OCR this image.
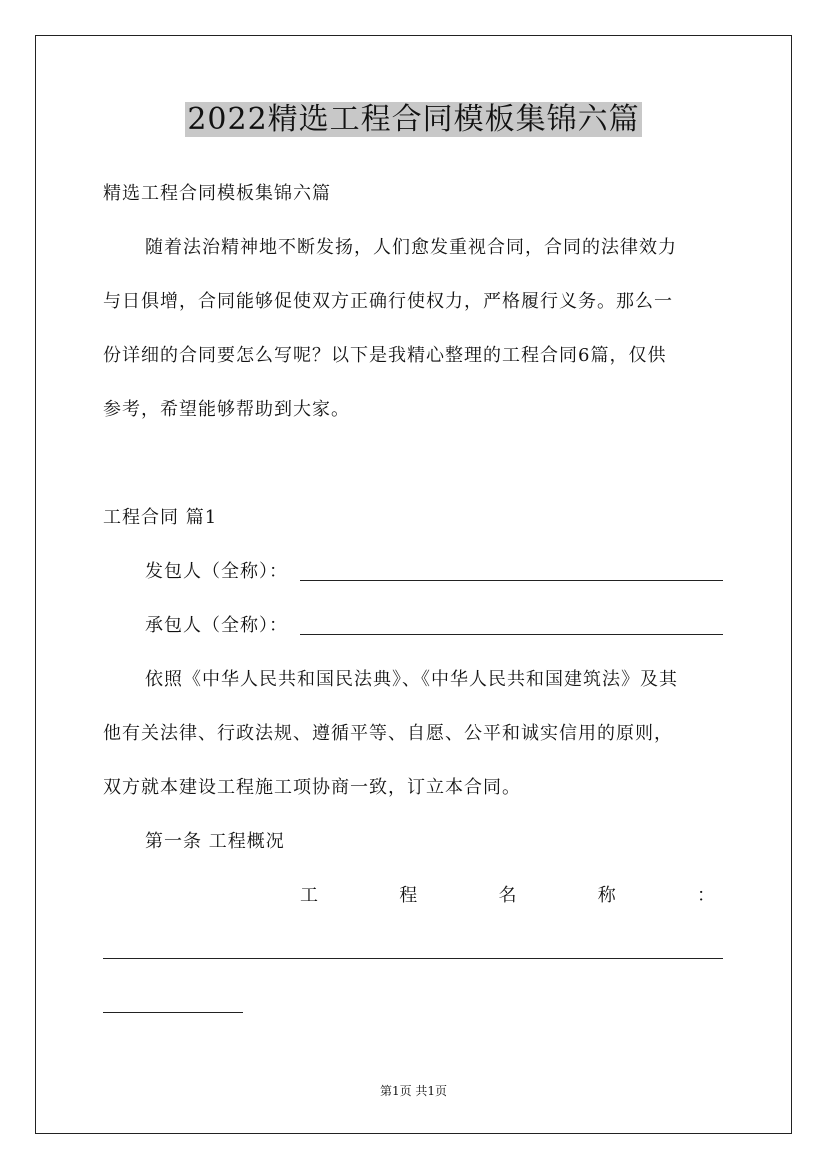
2022精选工程合同模板集锦六篇
精选工程合同模板集锦六篇
随着法治精神地不断发扬，人们愈发重视合同，合同的法律效力
与日俱增，合同能够促使双方正确行使权力，严格履行义务。那么一
份详细的合同要怎么写呢？以下是我精心整理的工程合同6篇，仅供
参考，希望能够帮助到大家。
工程合同 篇1
发包人（全称）：
承包人（全称）：
依照《中华人民共和国民法典》、《中华人民共和国建筑法》及其
他有关法律、行政法规、遵循平等、自愿、公平和诚实信用的原则，
双方就本建设工程施工项协商一致，订立本合同。
第一条 工程概况
工	程	名	称	：
第1页 共1页
